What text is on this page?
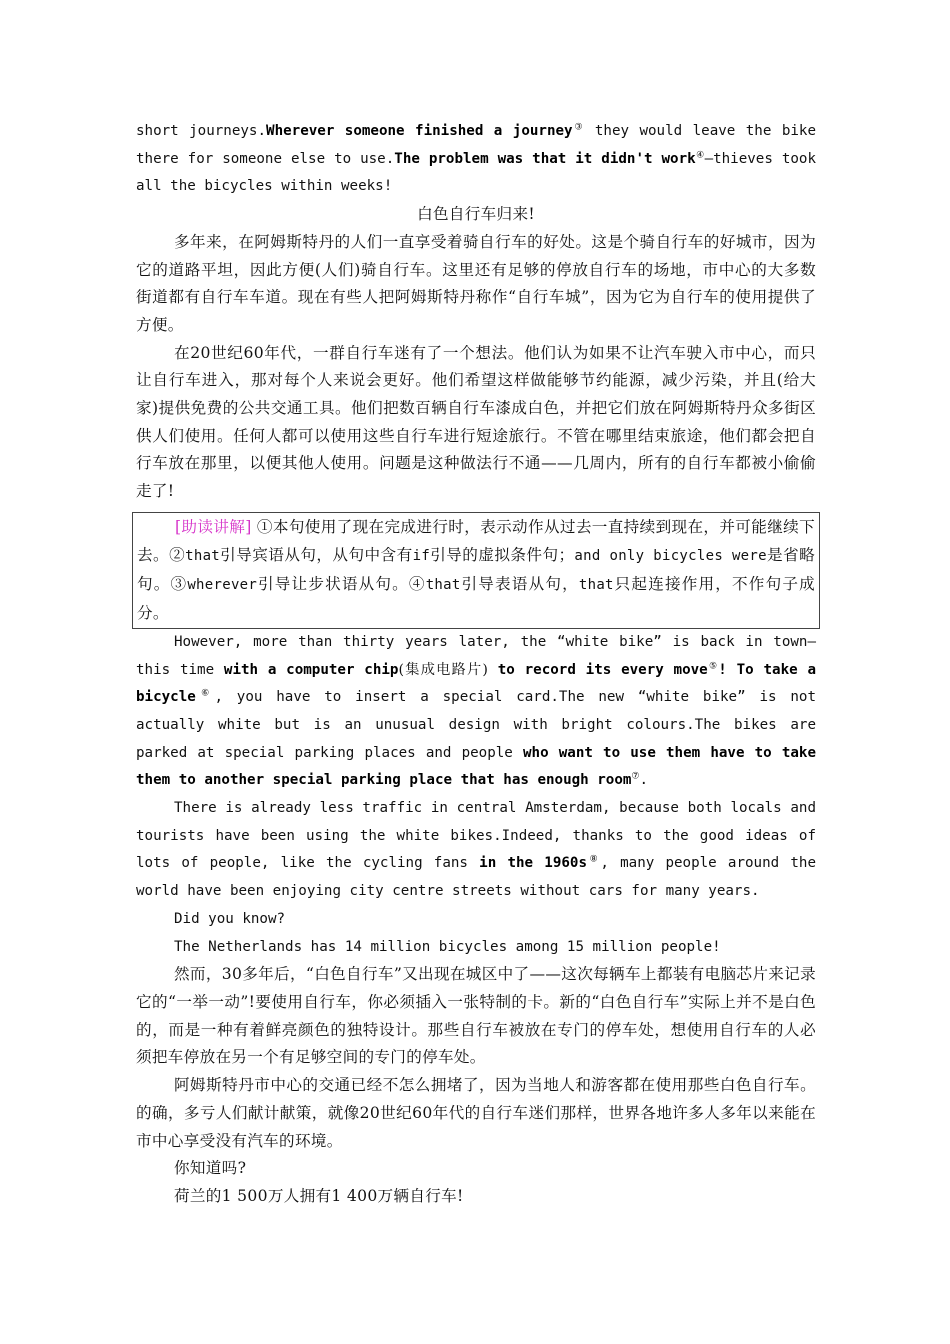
short journeys.Wherever someone finished a journey③ they would leave the bike there for someone else to use.The problem was that it didn't work④—thieves took all the bicycles within weeks!

白色自行车归来!

多年来，在阿姆斯特丹的人们一直享受着骑自行车的好处。这是个骑自行车的好城市，因为它的道路平坦，因此方便(人们)骑自行车。这里还有足够的停放自行车的场地，市中心的大多数街道都有自行车车道。现在有些人把阿姆斯特丹称作“自行车城”，因为它为自行车的使用提供了方便。

在20世纪60年代，一群自行车迷有了一个想法。他们认为如果不让汽车驶入市中心，而只让自行车进入，那对每个人来说会更好。他们希望这样做能够节约能源，减少污染，并且(给大家)提供免费的公共交通工具。他们把数百辆自行车漆成白色，并把它们放在阿姆斯特丹众多街区供人们使用。任何人都可以使用这些自行车进行短途旅行。不管在哪里结束旅途，他们都会把自行车放在那里，以便其他人使用。问题是这种做法行不通——几周内，所有的自行车都被小偷偷走了!

[助读讲解] ①本句使用了现在完成进行时，表示动作从过去一直持续到现在，并可能继续下去。②that引导宾语从句，从句中含有if引导的虚拟条件句；and only bicycles were是省略句。③wherever引导让步状语从句。④that引导表语从句，that只起连接作用，不作句子成分。

However, more than thirty years later, the “white bike” is back in town—this time with a computer chip(集成电路片) to record its every move⑤! To take a bicycle⑥, you have to insert a special card.The new “white bike” is not actually white but is an unusual design with bright colours.The bikes are parked at special parking places and people who want to use them have to take them to another special parking place that has enough room⑦.

There is already less traffic in central Amsterdam, because both locals and tourists have been using the white bikes.Indeed, thanks to the good ideas of lots of people, like the cycling fans in the 1960s⑧, many people around the world have been enjoying city centre streets without cars for many years.

Did you know?

The Netherlands has 14 million bicycles among 15 million people!

然而，30多年后，“白色自行车”又出现在城区中了——这次每辆车上都装有电脑芯片来记录它的“一举一动”!要使用自行车，你必须插入一张特制的卡。新的“白色自行车”实际上并不是白色的，而是一种有着鲜亮颜色的独特设计。那些自行车被放在专门的停车处，想使用自行车的人必须把车停放在另一个有足够空间的专门的停车处。

阿姆斯特丹市中心的交通已经不怎么拥堵了，因为当地人和游客都在使用那些白色自行车。的确，多亏人们献计献策，就像20世纪60年代的自行车迷们那样，世界各地许多人多年以来能在市中心享受没有汽车的环境。

你知道吗?

荷兰的1 500万人拥有1 400万辆自行车!
